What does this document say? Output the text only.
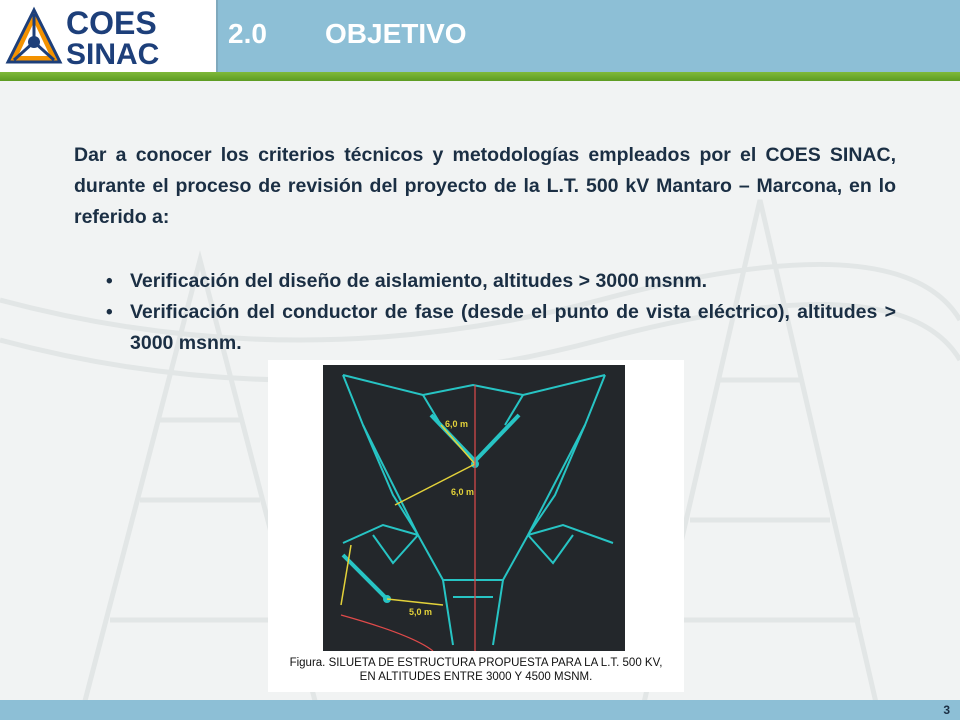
COES
SINAC
2.0 OBJETIVO

Dar a conocer los criterios técnicos y metodologías empleados por el COES SINAC, durante el proceso de revisión del proyecto de la L.T. 500 kV Mantaro – Marcona, en lo referido a:

• Verificación del diseño de aislamiento, altitudes > 3000 msnm.
• Verificación del conductor de fase (desde el punto de vista eléctrico), altitudes > 3000 msnm.
6,0 m
6,0 m
5,0 m
Figura. SILUETA DE ESTRUCTURA PROPUESTA PARA LA L.T. 500 KV,
EN ALTITUDES ENTRE 3000 Y 4500 MSNM.
3
